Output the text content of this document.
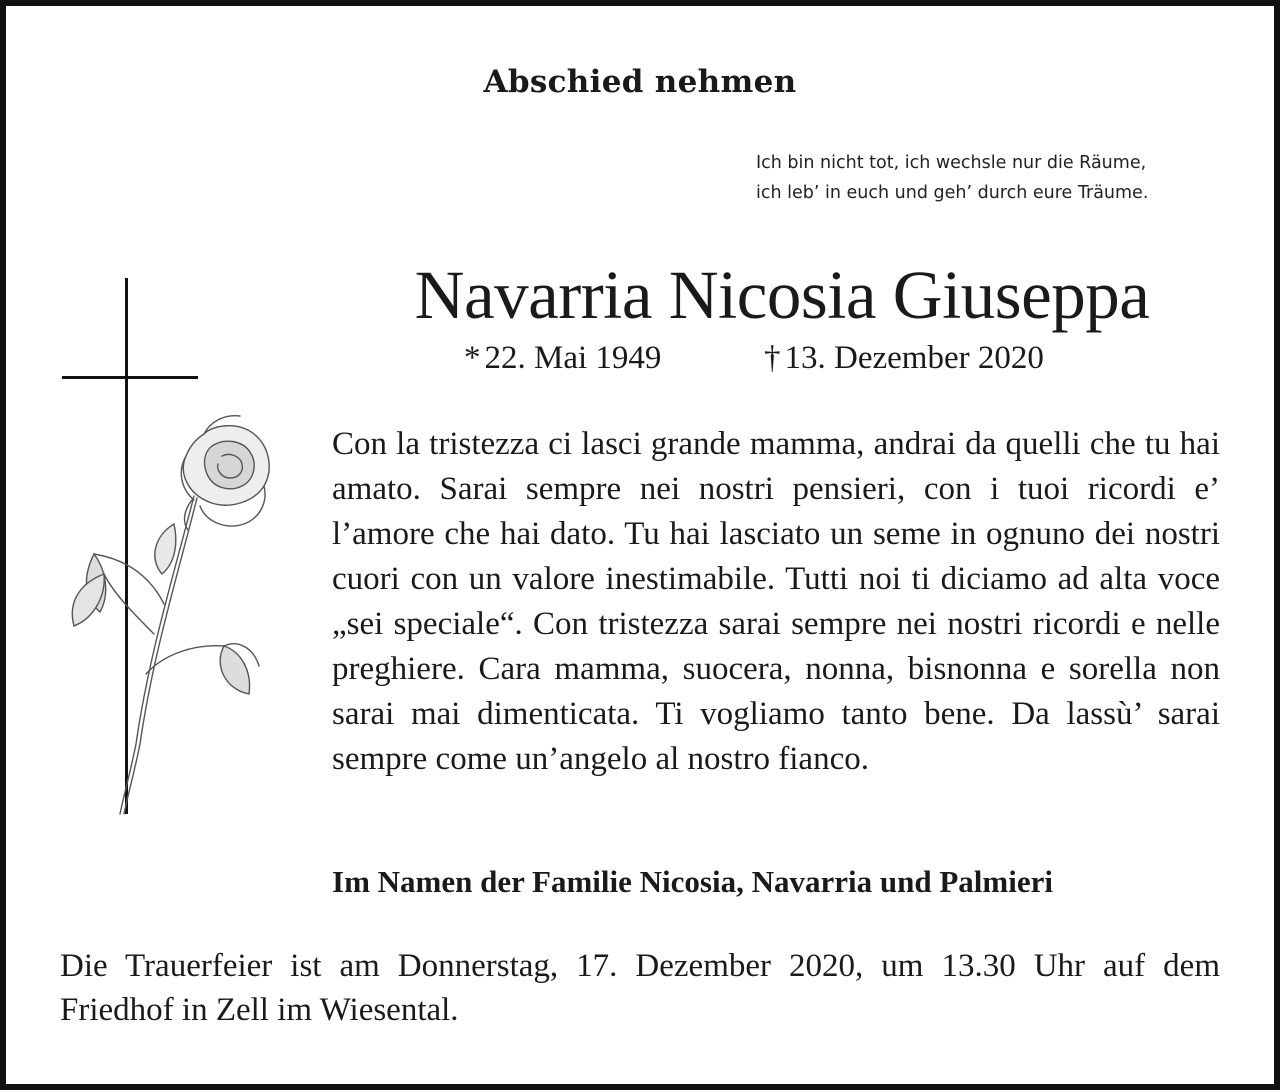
Abschied nehmen
Ich bin nicht tot, ich wechsle nur die Räume,
ich leb’ in euch und geh’ durch eure Träume.
Navarria Nicosia Giuseppa
* 22. Mai 1949	† 13. Dezember 2020
Con la tristezza ci lasci grande mamma, andrai da quelli che tu hai amato. Sarai sempre nei nostri pensieri, con i tuoi ricordi e’ l’amore che hai dato. Tu hai lasciato un seme in ognuno dei nostri cuori con un valore inestimabile. Tutti noi ti diciamo ad alta voce „sei speciale“. Con tristezza sarai sempre nei nostri ricordi e nelle preghiere. Cara mamma, suocera, nonna, bisnonna e sorella non sarai mai dimenticata. Ti vogliamo tanto bene. Da lassù’ sarai sempre come un’angelo al nostro fianco.
Im Namen der Familie Nicosia, Navarria und Palmieri
Die Trauerfeier ist am Donnerstag, 17. Dezember 2020, um 13.30 Uhr auf dem Friedhof in Zell im Wiesental.
